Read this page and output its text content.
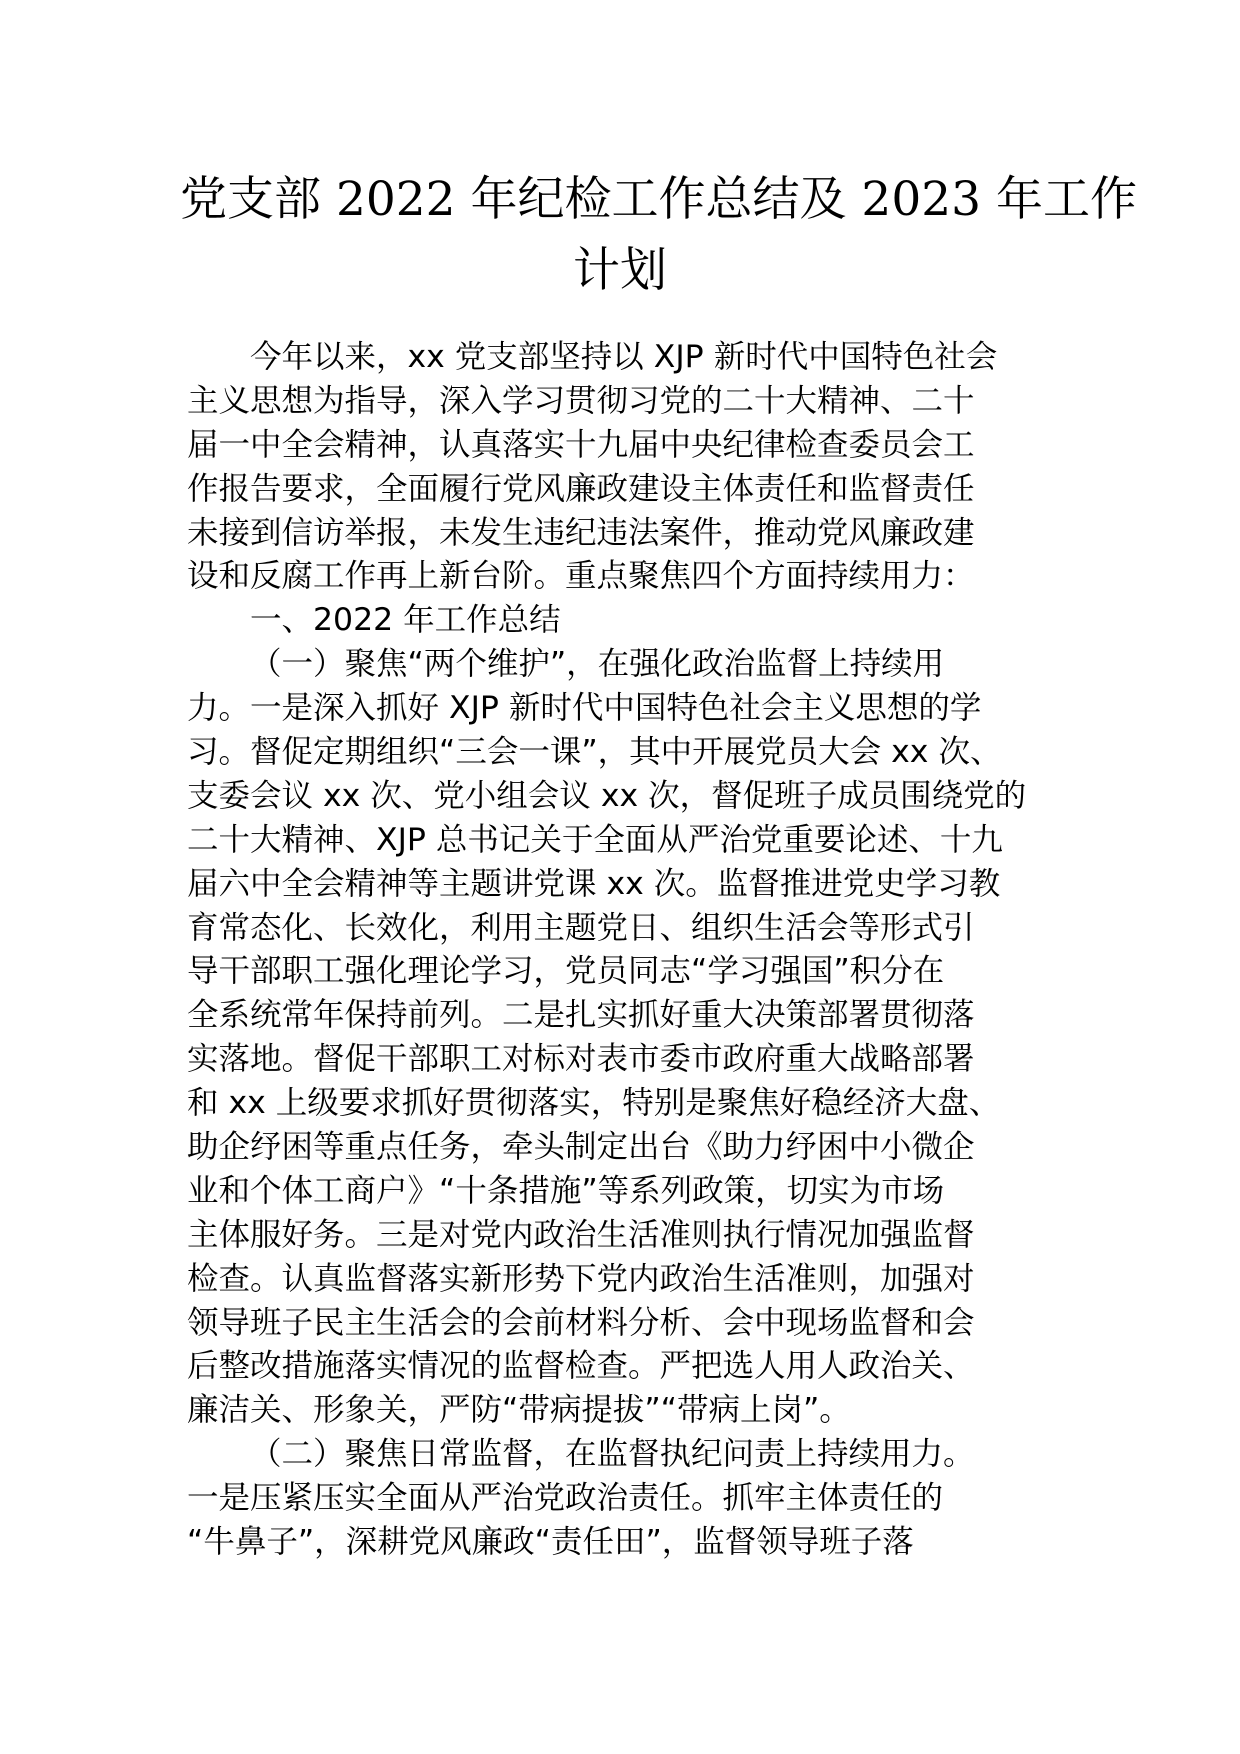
党支部 2022 年纪检工作总结及 2023 年工作
计划
今年以来，xx 党支部坚持以 XJP 新时代中国特色社会
主义思想为指导，深入学习贯彻习党的二十大精神、二十
届一中全会精神，认真落实十九届中央纪律检查委员会工
作报告要求，全面履行党风廉政建设主体责任和监督责任
未接到信访举报，未发生违纪违法案件，推动党风廉政建
设和反腐工作再上新台阶。重点聚焦四个方面持续用力：
一、2022 年工作总结
（一）聚焦“两个维护”，在强化政治监督上持续用
力。一是深入抓好 XJP 新时代中国特色社会主义思想的学
习。督促定期组织“三会一课”，其中开展党员大会 xx 次、
支委会议 xx 次、党小组会议 xx 次，督促班子成员围绕党的
二十大精神、XJP 总书记关于全面从严治党重要论述、十九
届六中全会精神等主题讲党课 xx 次。监督推进党史学习教
育常态化、长效化，利用主题党日、组织生活会等形式引
导干部职工强化理论学习，党员同志“学习强国”积分在
全系统常年保持前列。二是扎实抓好重大决策部署贯彻落
实落地。督促干部职工对标对表市委市政府重大战略部署
和 xx 上级要求抓好贯彻落实，特别是聚焦好稳经济大盘、
助企纾困等重点任务，牵头制定出台《助力纾困中小微企
业和个体工商户》“十条措施”等系列政策，切实为市场
主体服好务。三是对党内政治生活准则执行情况加强监督
检查。认真监督落实新形势下党内政治生活准则，加强对
领导班子民主生活会的会前材料分析、会中现场监督和会
后整改措施落实情况的监督检查。严把选人用人政治关、
廉洁关、形象关，严防“带病提拔”“带病上岗”。
（二）聚焦日常监督，在监督执纪问责上持续用力。
一是压紧压实全面从严治党政治责任。抓牢主体责任的
“牛鼻子”，深耕党风廉政“责任田”，监督领导班子落
